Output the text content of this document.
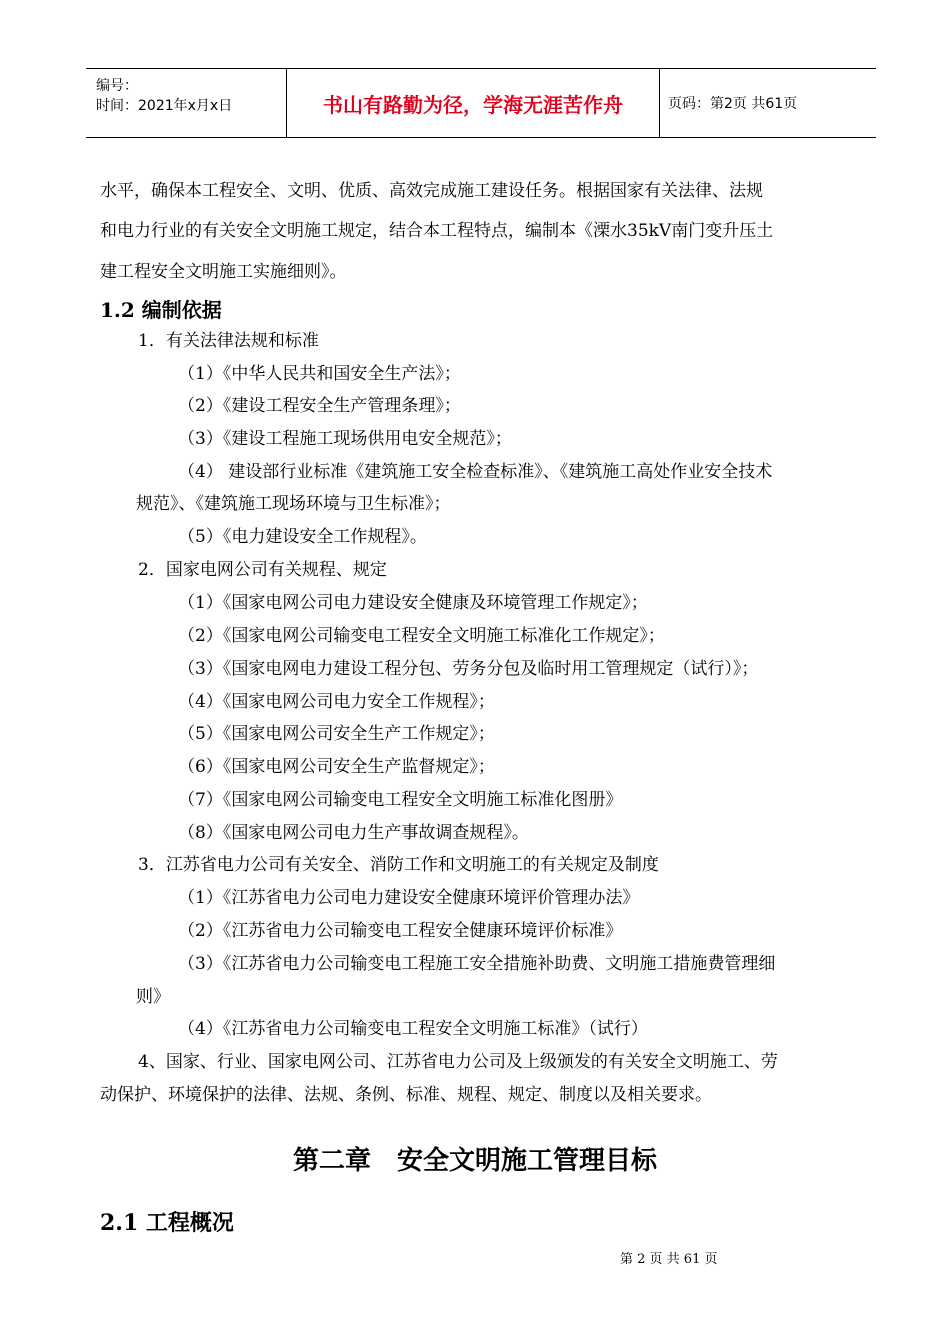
编号：
时间：2021年x月x日	书山有路勤为径，学海无涯苦作舟	页码：第2页 共61页
水平，确保本工程安全、文明、优质、高效完成施工建设任务。根据国家有关法律、法规
和电力行业的有关安全文明施工规定，结合本工程特点，编制本《溧水35kV南门变升压土
建工程安全文明施工实施细则》。
1.2 编制依据
1．有关法律法规和标准
（1）《中华人民共和国安全生产法》；
（2）《建设工程安全生产管理条理》；
（3）《建设工程施工现场供用电安全规范》；
（4） 建设部行业标准《建筑施工安全检查标准》、《建筑施工高处作业安全技术
规范》、《建筑施工现场环境与卫生标准》；
（5）《电力建设安全工作规程》。
2．国家电网公司有关规程、规定
（1）《国家电网公司电力建设安全健康及环境管理工作规定》；
（2）《国家电网公司输变电工程安全文明施工标准化工作规定》；
（3）《国家电网电力建设工程分包、劳务分包及临时用工管理规定（试行）》；
（4）《国家电网公司电力安全工作规程》；
（5）《国家电网公司安全生产工作规定》；
（6）《国家电网公司安全生产监督规定》；
（7）《国家电网公司输变电工程安全文明施工标准化图册》
（8）《国家电网公司电力生产事故调查规程》。
3．江苏省电力公司有关安全、消防工作和文明施工的有关规定及制度
（1）《江苏省电力公司电力建设安全健康环境评价管理办法》
（2）《江苏省电力公司输变电工程安全健康环境评价标准》
（3）《江苏省电力公司输变电工程施工安全措施补助费、文明施工措施费管理细
则》
（4）《江苏省电力公司输变电工程安全文明施工标准》（试行）
4、国家、行业、国家电网公司、江苏省电力公司及上级颁发的有关安全文明施工、劳
动保护、环境保护的法律、法规、条例、标准、规程、规定、制度以及相关要求。
第二章　安全文明施工管理目标
2.1 工程概况
第 2 页 共 61 页
